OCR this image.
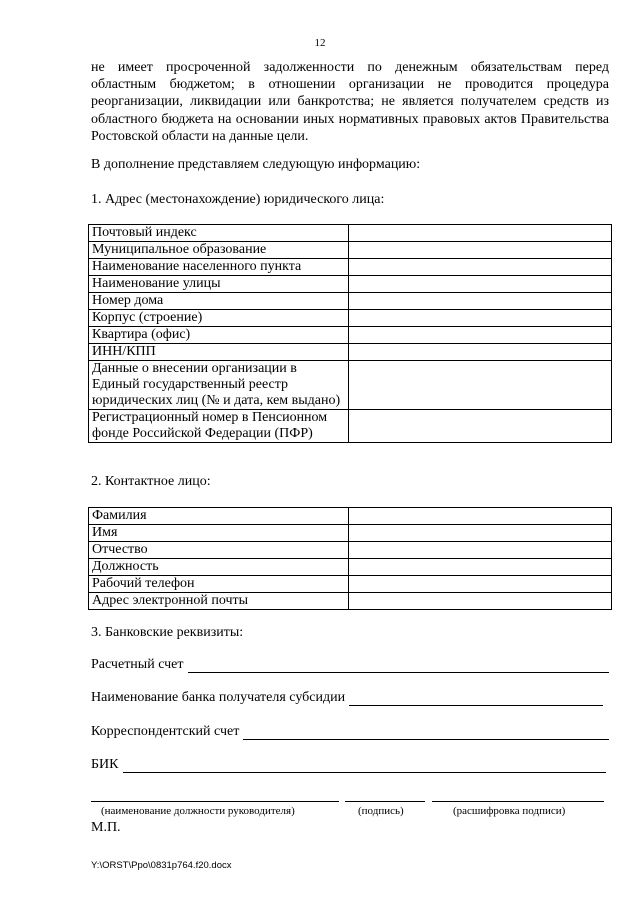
12

не имеет просроченной задолженности по денежным обязательствам перед областным бюджетом; в отношении организации не проводится процедура реорганизации, ликвидации или банкротства; не является получателем средств из областного бюджета на основании иных нормативных правовых актов Правительства Ростовской области на данные цели.

В дополнение представляем следующую информацию:

1. Адрес (местонахождение) юридического лица:

Почтовый индекс	
Муниципальное образование	
Наименование населенного пункта	
Наименование улицы	
Номер дома	
Корпус (строение)	
Квартира (офис)	
ИНН/КПП	
Данные о внесении организации в Единый государственный реестр юридических лиц (№ и дата, кем выдано)	
Регистрационный номер в Пенсионном фонде Российской Федерации (ПФР)	

2. Контактное лицо:

Фамилия	
Имя	
Отчество	
Должность	
Рабочий телефон	
Адрес электронной почты	

3. Банковские реквизиты:

Расчетный счет
Наименование банка получателя субсидии
Корреспондентский счет
БИК
(наименование должности руководителя)	(подпись)	(расшифровка подписи)
М.П.
Y:\ORST\Ppo\0831p764.f20.docx
